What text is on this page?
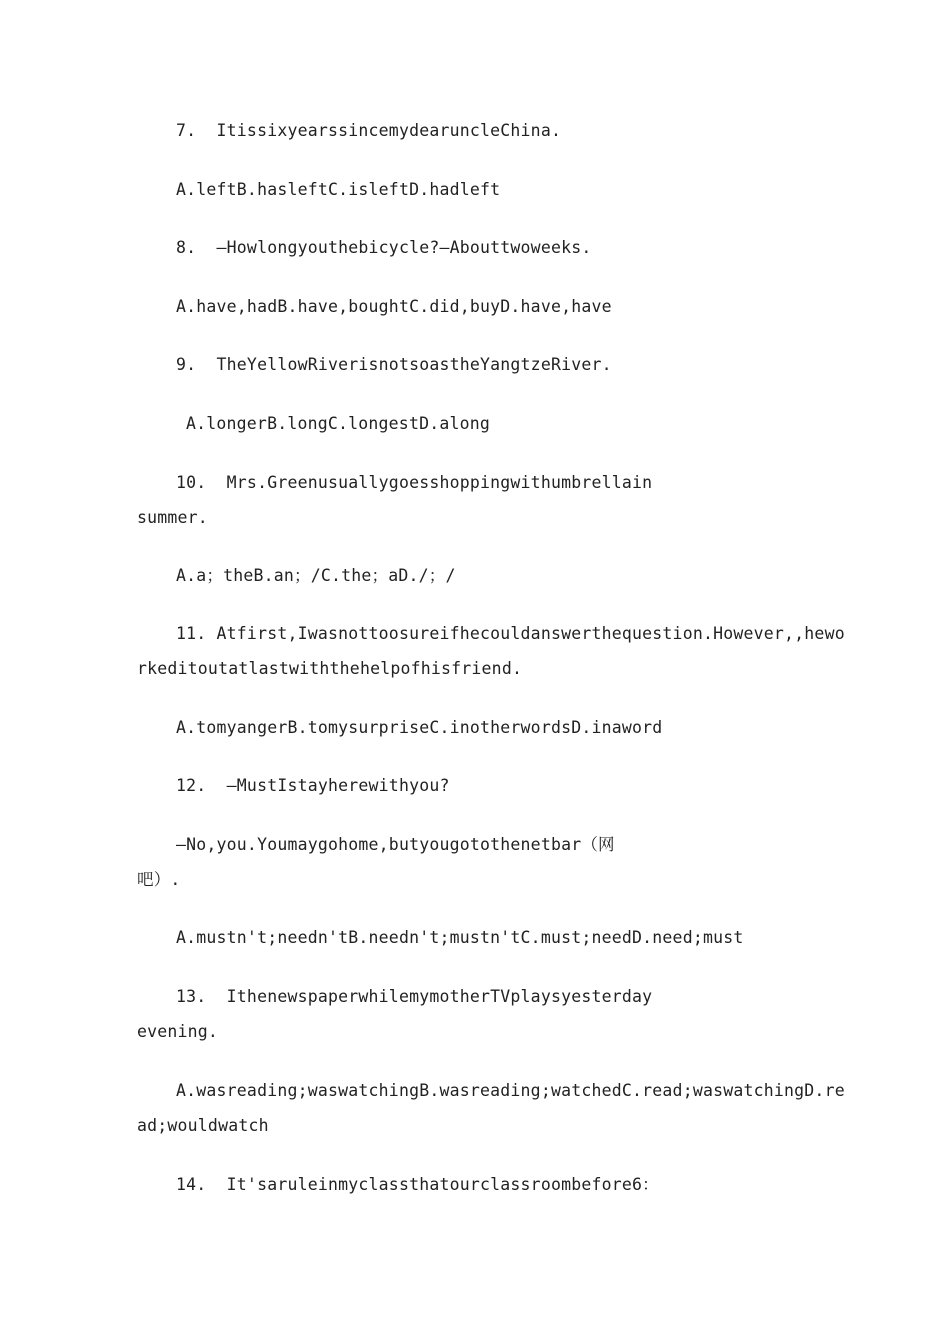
7.  ItissixyearssincemydearuncleChina.
A.leftB.hasleftC.isleftD.hadleft
8.  —Howlongyouthebicycle?—Abouttwoweeks.
A.have,hadB.have,boughtC.did,buyD.have,have
9.  TheYellowRiverisnotsoastheYangtzeRiver.
A.longerB.longC.longestD.along
10.  Mrs.Greenusuallygoesshoppingwithumbrellain
summer.
A.a；theB.an；/C.the；aD./；/
11. Atfirst,Iwasnottoosureifhecouldanswerthequestion.However,,hewo
rkeditoutatlastwiththehelpofhisfriend.
A.tomyangerB.tomysurpriseC.inotherwordsD.inaword
12.  —MustIstayherewithyou?
—No,you.Youmaygohome,butyougotothenetbar（网
吧）.
A.mustn't;needn'tB.needn't;mustn'tC.must;needD.need;must
13.  IthenewspaperwhilemymotherTVplaysyesterday
evening.
A.wasreading;waswatchingB.wasreading;watchedC.read;waswatchingD.re
ad;wouldwatch
14.  It'saruleinmyclassthatourclassroombefore6：
